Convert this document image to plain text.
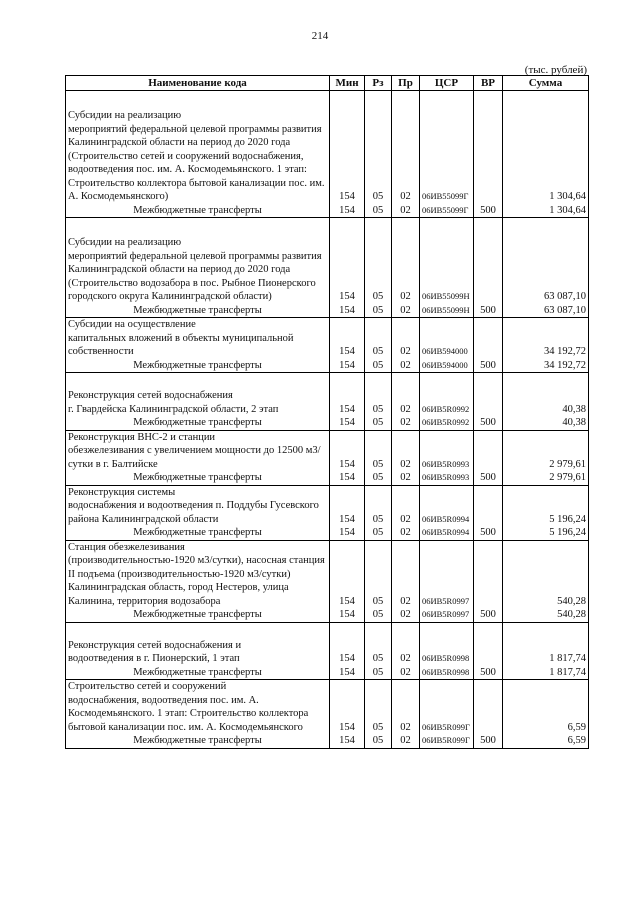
214
(тыс. рублей)
Наименование кода	Мин	Рз	Пр	ЦСР	ВР	Сумма
Субсидии на реализацию
мероприятий федеральной целевой программы развития Калининградской области на период до 2020 года (Строительство сетей и сооружений водоснабжения, водоотведения пос. им. А. Космодемьянского. 1 этап: Строительство коллектора бытовой канализации пос. им. А. Космодемьянского)	154	05	02	06ИВ55099Г		1 304,64
Межбюджетные трансферты	154	05	02	06ИВ55099Г	500	1 304,64
Субсидии на реализацию
мероприятий федеральной целевой программы развития Калининградской области на период до 2020 года (Строительство водозабора в пос. Рыбное Пионерского городского округа Калининградской области)	154	05	02	06ИВ55099Н		63 087,10
Межбюджетные трансферты	154	05	02	06ИВ55099Н	500	63 087,10
Субсидии на осуществление
капитальных вложений в объекты муниципальной собственности	154	05	02	06ИВ594000		34 192,72
Межбюджетные трансферты	154	05	02	06ИВ594000	500	34 192,72
Реконструкция сетей водоснабжения
г. Гвардейска Калининградской области, 2 этап	154	05	02	06ИВ5R0992		40,38
Межбюджетные трансферты	154	05	02	06ИВ5R0992	500	40,38
Реконструкция ВНС-2 и станции
обезжелезивания с увеличением мощности до 12500 м3/сутки в г. Балтийске	154	05	02	06ИВ5R0993		2 979,61
Межбюджетные трансферты	154	05	02	06ИВ5R0993	500	2 979,61
Реконструкция системы
водоснабжения и водоотведения п. Поддубы Гусевского района Калининградской области	154	05	02	06ИВ5R0994		5 196,24
Межбюджетные трансферты	154	05	02	06ИВ5R0994	500	5 196,24
Станция обезжелезивания
(производительностью-1920 м3/сутки), насосная станция II подъема (производительностью-1920 м3/сутки) Калининградская область, город Нестеров, улица Калинина, территория водозабора	154	05	02	06ИВ5R0997		540,28
Межбюджетные трансферты	154	05	02	06ИВ5R0997	500	540,28
Реконструкция сетей водоснабжения и
водоотведения в г. Пионерский, 1 этап	154	05	02	06ИВ5R0998		1 817,74
Межбюджетные трансферты	154	05	02	06ИВ5R0998	500	1 817,74
Строительство сетей и сооружений
водоснабжения, водоотведения пос. им. А. Космодемьянского. 1 этап: Строительство коллектора бытовой канализации пос. им. А. Космодемьянского	154	05	02	06ИВ5R099Г		6,59
Межбюджетные трансферты	154	05	02	06ИВ5R099Г	500	6,59
